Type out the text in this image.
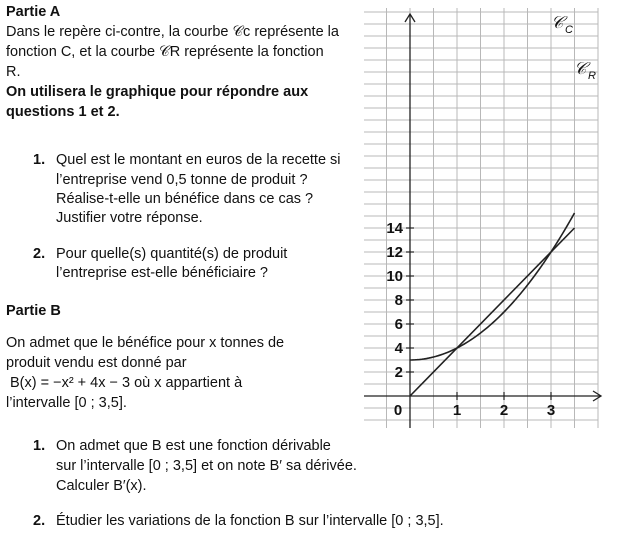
Partie A
Dans le repère ci-contre, la courbe 𝒞c représente la
fonction C, et la courbe 𝒞R représente la fonction
R.
On utilisera le graphique pour répondre aux
questions 1 et 2.
1. Quel est le montant en euros de la recette si
l’entreprise vend 0,5 tonne de produit ?
Réalise-t-elle un bénéfice dans ce cas ?
Justifier votre réponse.
2. Pour quelle(s) quantité(s) de produit
l’entreprise est-elle bénéficiaire ?
Partie B
On admet que le bénéfice pour x tonnes de
produit vendu est donné par
B(x) = −x² + 4x − 3 où x appartient à
l’intervalle [0 ; 3,5].
1. On admet que B est une fonction dérivable
sur l’intervalle [0 ; 3,5] et on note B′ sa dérivée.
Calculer B′(x).
2. Étudier les variations de la fonction B sur l’intervalle [0 ; 3,5].
0	1	2	3
2
4
6
8
10
12
14
𝒞 C
𝒞 R
